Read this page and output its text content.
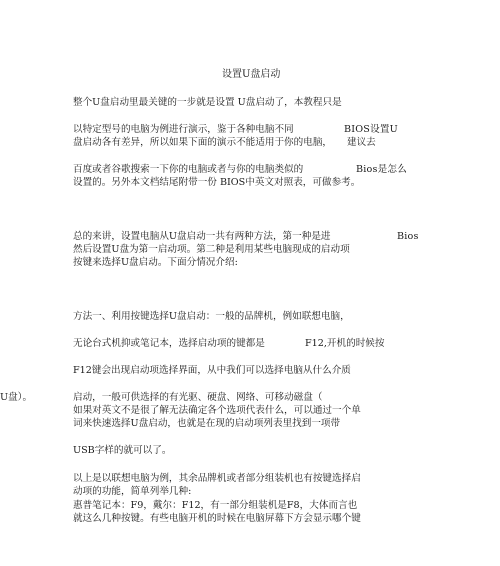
设置U盘启动
整个U盘启动里最关键的一步就是设置 U盘启动了，本教程只是
以特定型号的电脑为例进行演示，鉴于各种电脑不同	BIOS设置U
盘启动各有差异，所以如果下面的演示不能适用于你的电脑， 建议去
百度或者谷歌搜索一下你的电脑或者与你的电脑类似的	Bios是怎么
设置的。另外本文档结尾附带一份 BIOS中英文对照表，可做参考。
总的来讲，设置电脑从U盘启动一共有两种方法，第一种是进	Bios
然后设置U盘为第一启动项。第二种是利用某些电脑现成的启动项
按键来选择U盘启动。下面分情况介绍:
方法一、利用按键选择U盘启动：一般的品牌机，例如联想电脑，
无论台式机抑或笔记本，选择启动项的键都是	F12,开机的时候按
F12键会出现启动项选择界面，从中我们可以选择电脑从什么介质
U盘）。	启动，一般可供选择的有光驱、硬盘、网络、可移动磁盘（
如果对英文不是很了解无法确定各个选项代表什么，可以通过一个单
词来快速选择U盘启动，也就是在现的启动项列表里找到一项带
USB字样的就可以了。
以上是以联想电脑为例，其余品牌机或者部分组装机也有按键选择启
动项的功能，简单列举几种:
惠普笔记本：F9，戴尔：F12，有一部分组装机是F8，大体而言也
就这么几种按键。有些电脑开机的时候在电脑屏幕下方会显示哪个键
